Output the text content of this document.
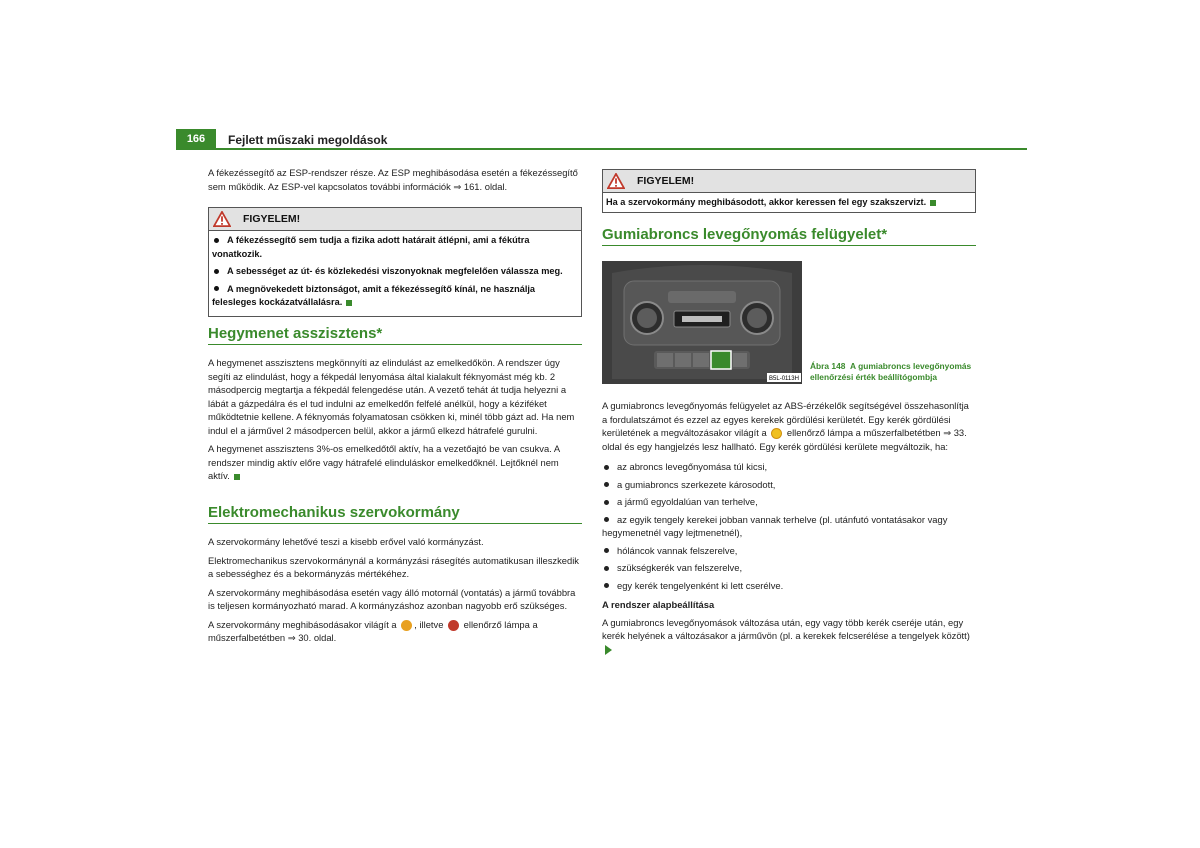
166	Fejlett műszaki megoldások
A fékezéssegítő az ESP-rendszer része. Az ESP meghibásodása esetén a fékezéssegítő
sem működik. Az ESP-vel kapcsolatos további információk ⇒ 161. oldal.
FIGYELEM!
A fékezéssegítő sem tudja a fizika adott határait átlépni, ami a fékútra vonatkozik.
A sebességet az út- és közlekedési viszonyoknak megfelelően válassza meg.
A megnövekedett biztonságot, amit a fékezéssegítő kínál, ne használja felesleges kockázatvállalásra.
Hegymenet asszisztens*

A hegymenet asszisztens megkönnyíti az elindulást az emelkedőkön. A rendszer úgy segíti az elindulást, hogy a fékpedál lenyomása által kialakult féknyomást még kb. 2 másodpercig megtartja a fékpedál felengedése után. A vezető tehát át tudja helyezni a lábát a gázpedálra és el tud indulni az emelkedőn felfelé anélkül, hogy a kéziféket működtetnie kellene. A féknyomás folyamatosan csökken ki, minél több gázt ad. Ha nem indul el a járművel 2 másodpercen belül, akkor a jármű elkezd hátrafelé gurulni.

A hegymenet asszisztens 3%-os emelkedőtől aktív, ha a vezetőajtó be van csukva. A rendszer mindig aktív előre vagy hátrafelé elinduláskor emelkedőknél. Lejtőknél nem aktív.

Elektromechanikus szervokormány

A szervokormány lehetővé teszi a kisebb erővel való kormányzást.

Elektromechanikus szervokormánynál a kormányzási rásegítés automatikusan illeszkedik a sebességhez és a bekormányzás mértékéhez.

A szervokormány meghibásodása esetén vagy álló motornál (vontatás) a jármű továbbra is teljesen kormányozható marad. A kormányzáshoz azonban nagyobb erő szükséges.

A szervokormány meghibásodásakor világít a , illetve ellenőrző lámpa a műszerfalbetétben ⇒ 30. oldal.

FIGYELEM!
Ha a szervokormány meghibásodott, akkor keressen fel egy szakszervizt.
Gumiabroncs levegőnyomás felügyelet*
B5L-0113H
Ábra 148 A gumiabroncs levegőnyomás
ellenőrzési érték beállítógombja

A gumiabroncs levegőnyomás felügyelet az ABS-érzékelők segítségével összehasonlítja a fordulatszámot és ezzel az egyes kerekek gördülési kerületét. Egy kerék gördülési kerületének a megváltozásakor világít a ellenőrző lámpa a műszerfalbetétben ⇒ 33. oldal és egy hangjelzés lesz hallható. Egy kerék gördülési kerülete megváltozik, ha:

az abroncs levegőnyomása túl kicsi,
a gumiabroncs szerkezete károsodott,
a jármű egyoldalúan van terhelve,
az egyik tengely kerekei jobban vannak terhelve (pl. utánfutó vontatásakor vagy hegymenetnél vagy lejtmenetnél),
hóláncok vannak felszerelve,
szükségkerék van felszerelve,
egy kerék tengelyenként ki lett cserélve.
A rendszer alapbeállítása

A gumiabroncs levegőnyomások változása után, egy vagy több kerék cseréje után, egy kerék helyének a változásakor a járművön (pl. a kerekek felcserélése a tengelyek között)
